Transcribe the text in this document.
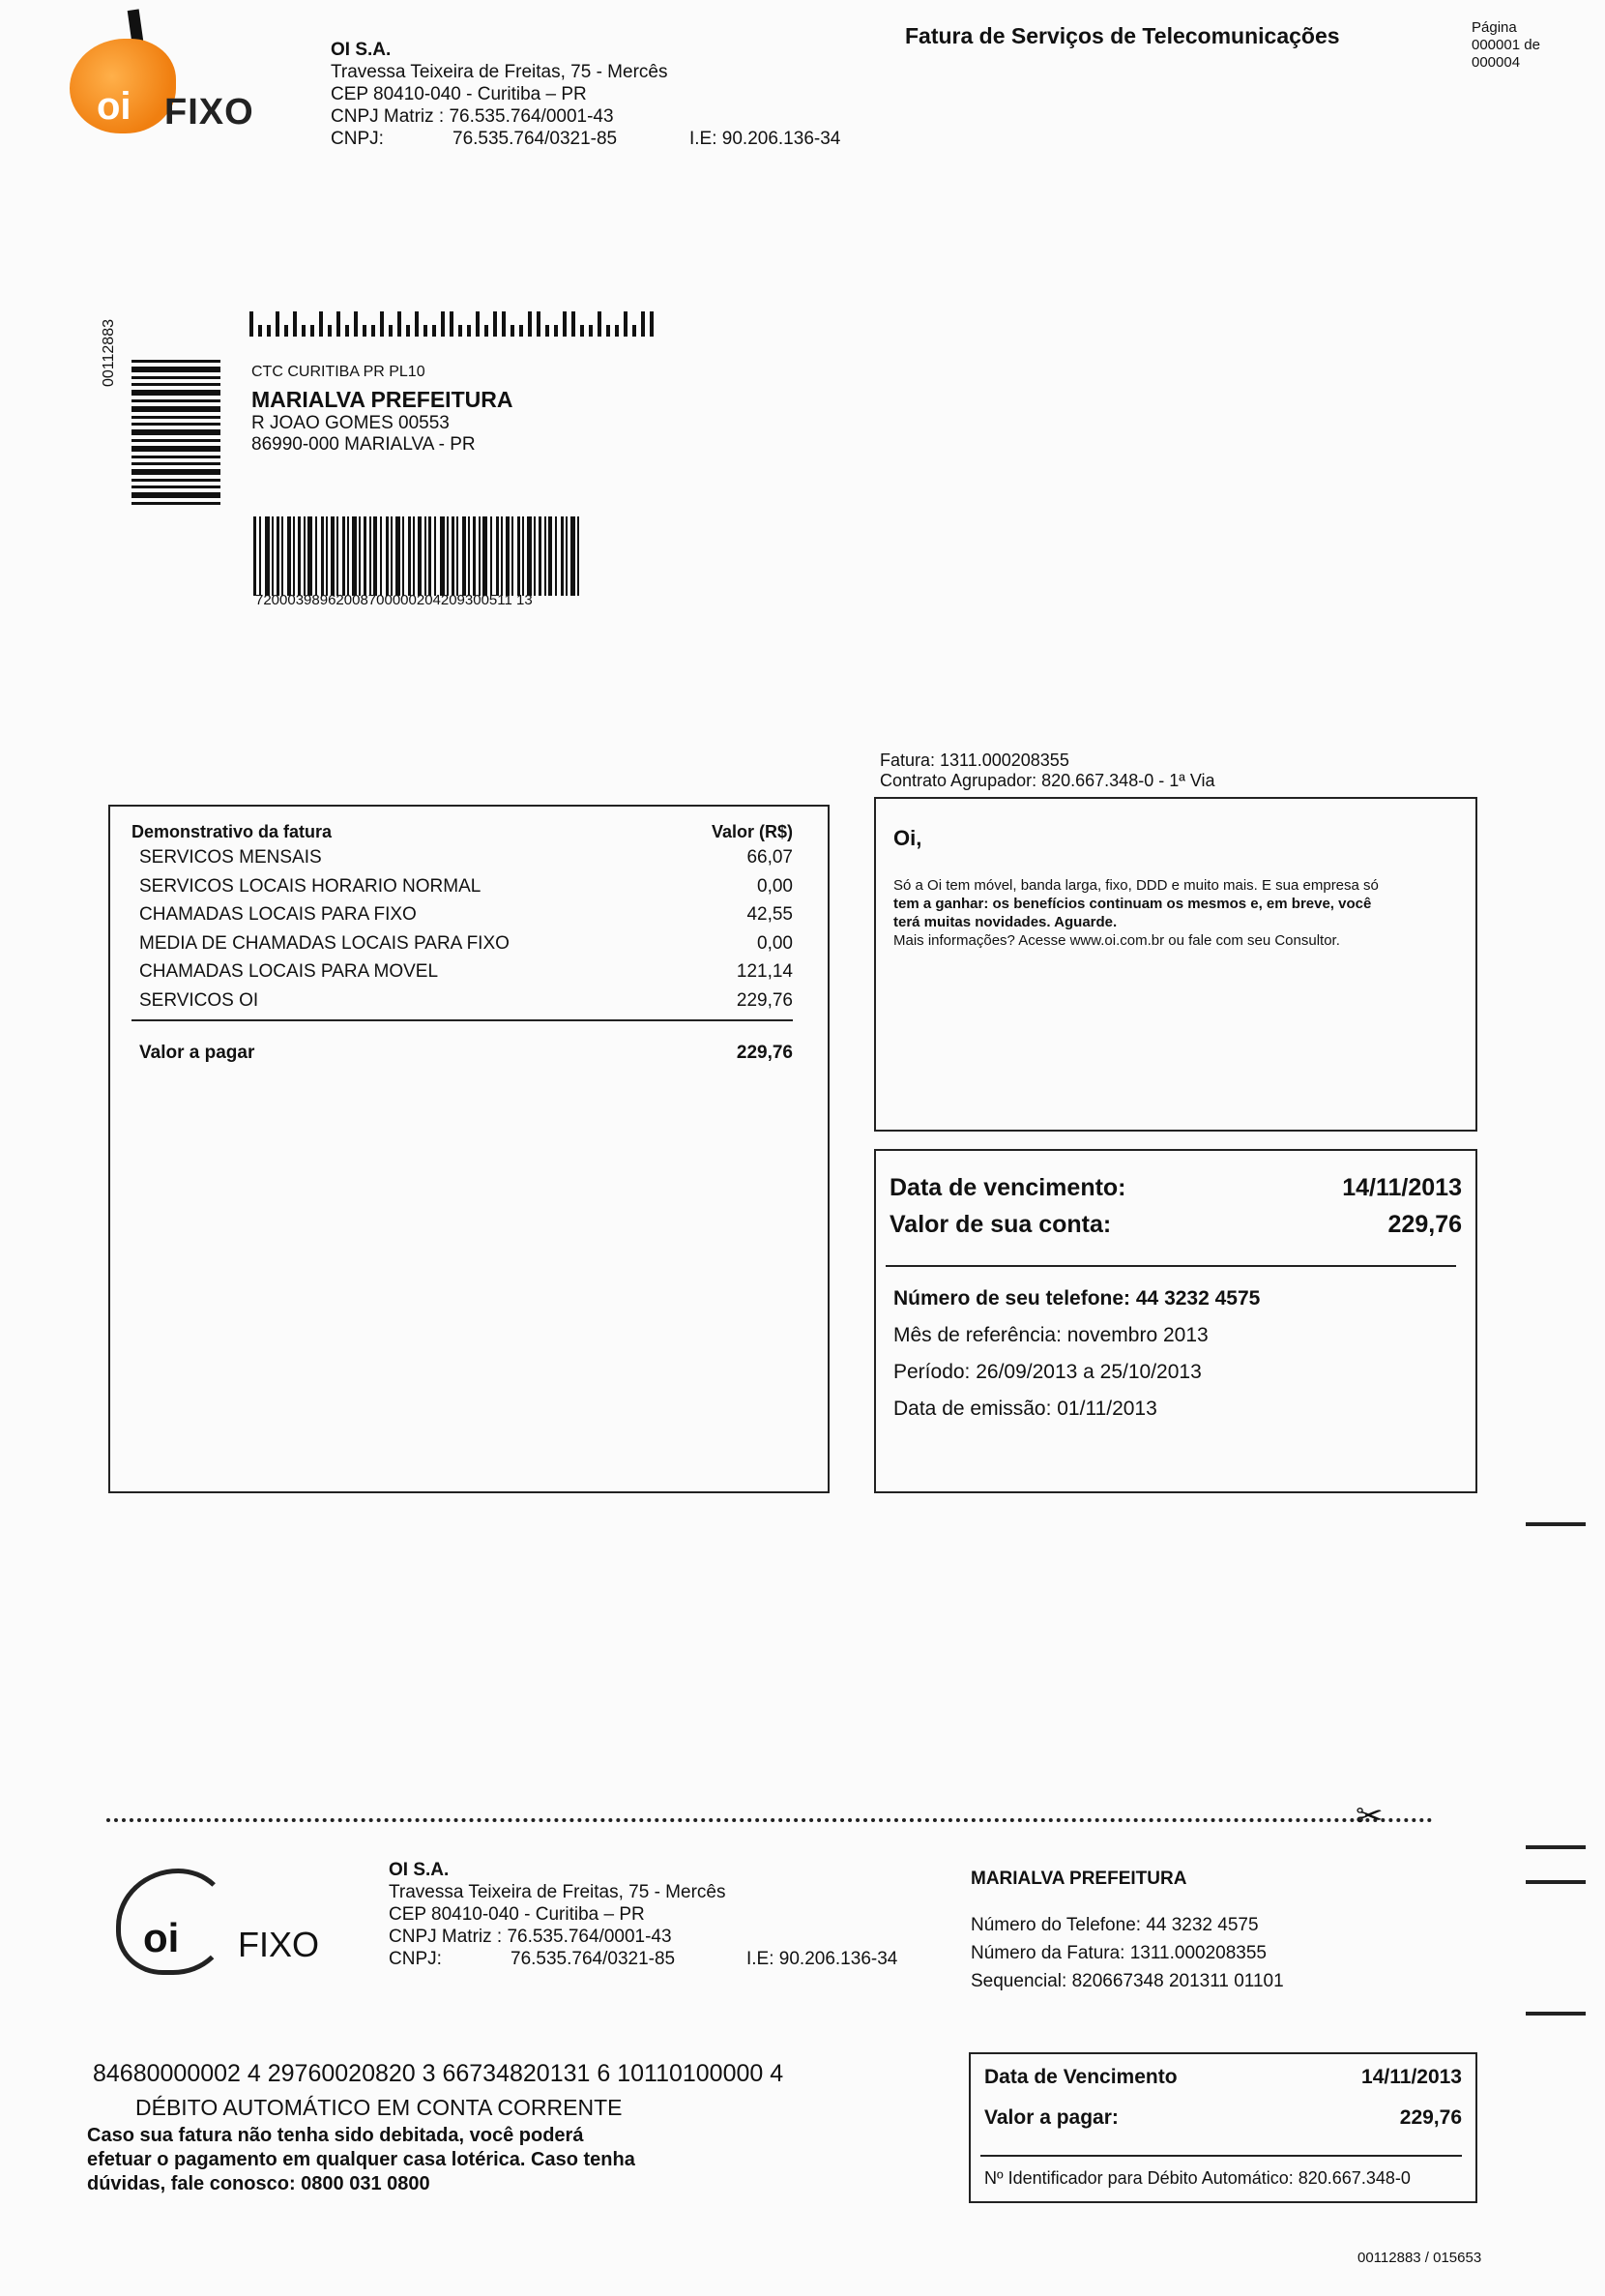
oi FIXO
OI S.A.
Travessa Teixeira de Freitas, 75 - Mercês
CEP 80410-040 - Curitiba – PR
CNPJ Matriz : 76.535.764/0001-43
CNPJ:	76.535.764/0321-85	I.E: 90.206.136-34
Fatura de Serviços de Telecomunicações	Página
000001 de
000004
00112883	CTC CURITIBA PR PL10
MARIALVA PREFEITURA
R JOAO GOMES 00553
86990-000 MARIALVA - PR
72000398962008700000204209300511 13
Fatura: 1311.000208355
Contrato Agrupador: 820.667.348-0 - 1ª Via
Demonstrativo da fatura	Valor (R$)
SERVICOS MENSAIS	66,07
SERVICOS LOCAIS HORARIO NORMAL	0,00
CHAMADAS LOCAIS PARA FIXO	42,55
MEDIA DE CHAMADAS LOCAIS PARA FIXO	0,00
CHAMADAS LOCAIS PARA MOVEL	121,14
SERVICOS OI	229,76
Valor a pagar	229,76
Oi,
Só a Oi tem móvel, banda larga, fixo, DDD e muito mais. E sua empresa só
tem a ganhar: os benefícios continuam os mesmos e, em breve, você
terá muitas novidades. Aguarde.
Mais informações? Acesse www.oi.com.br ou fale com seu Consultor.
Data de vencimento:	14/11/2013
Valor de sua conta:	229,76
Número de seu telefone: 44 3232 4575
Mês de referência: novembro 2013
Período: 26/09/2013 a 25/10/2013
Data de emissão: 01/11/2013
✂
oi FIXO
OI S.A.
Travessa Teixeira de Freitas, 75 - Mercês
CEP 80410-040 - Curitiba – PR
CNPJ Matriz : 76.535.764/0001-43
CNPJ:	76.535.764/0321-85	I.E: 90.206.136-34
MARIALVA PREFEITURA
Número do Telefone: 44 3232 4575
Número da Fatura: 1311.000208355
Sequencial: 820667348 201311 01101
84680000002 4 29760020820 3 66734820131 6 10110100000 4
DÉBITO AUTOMÁTICO EM CONTA CORRENTE
Caso sua fatura não tenha sido debitada, você poderá
efetuar o pagamento em qualquer casa lotérica. Caso tenha
dúvidas, fale conosco: 0800 031 0800
Data de Vencimento	14/11/2013
Valor a pagar:	229,76
Nº Identificador para Débito Automático: 820.667.348-0
00112883 / 015653
